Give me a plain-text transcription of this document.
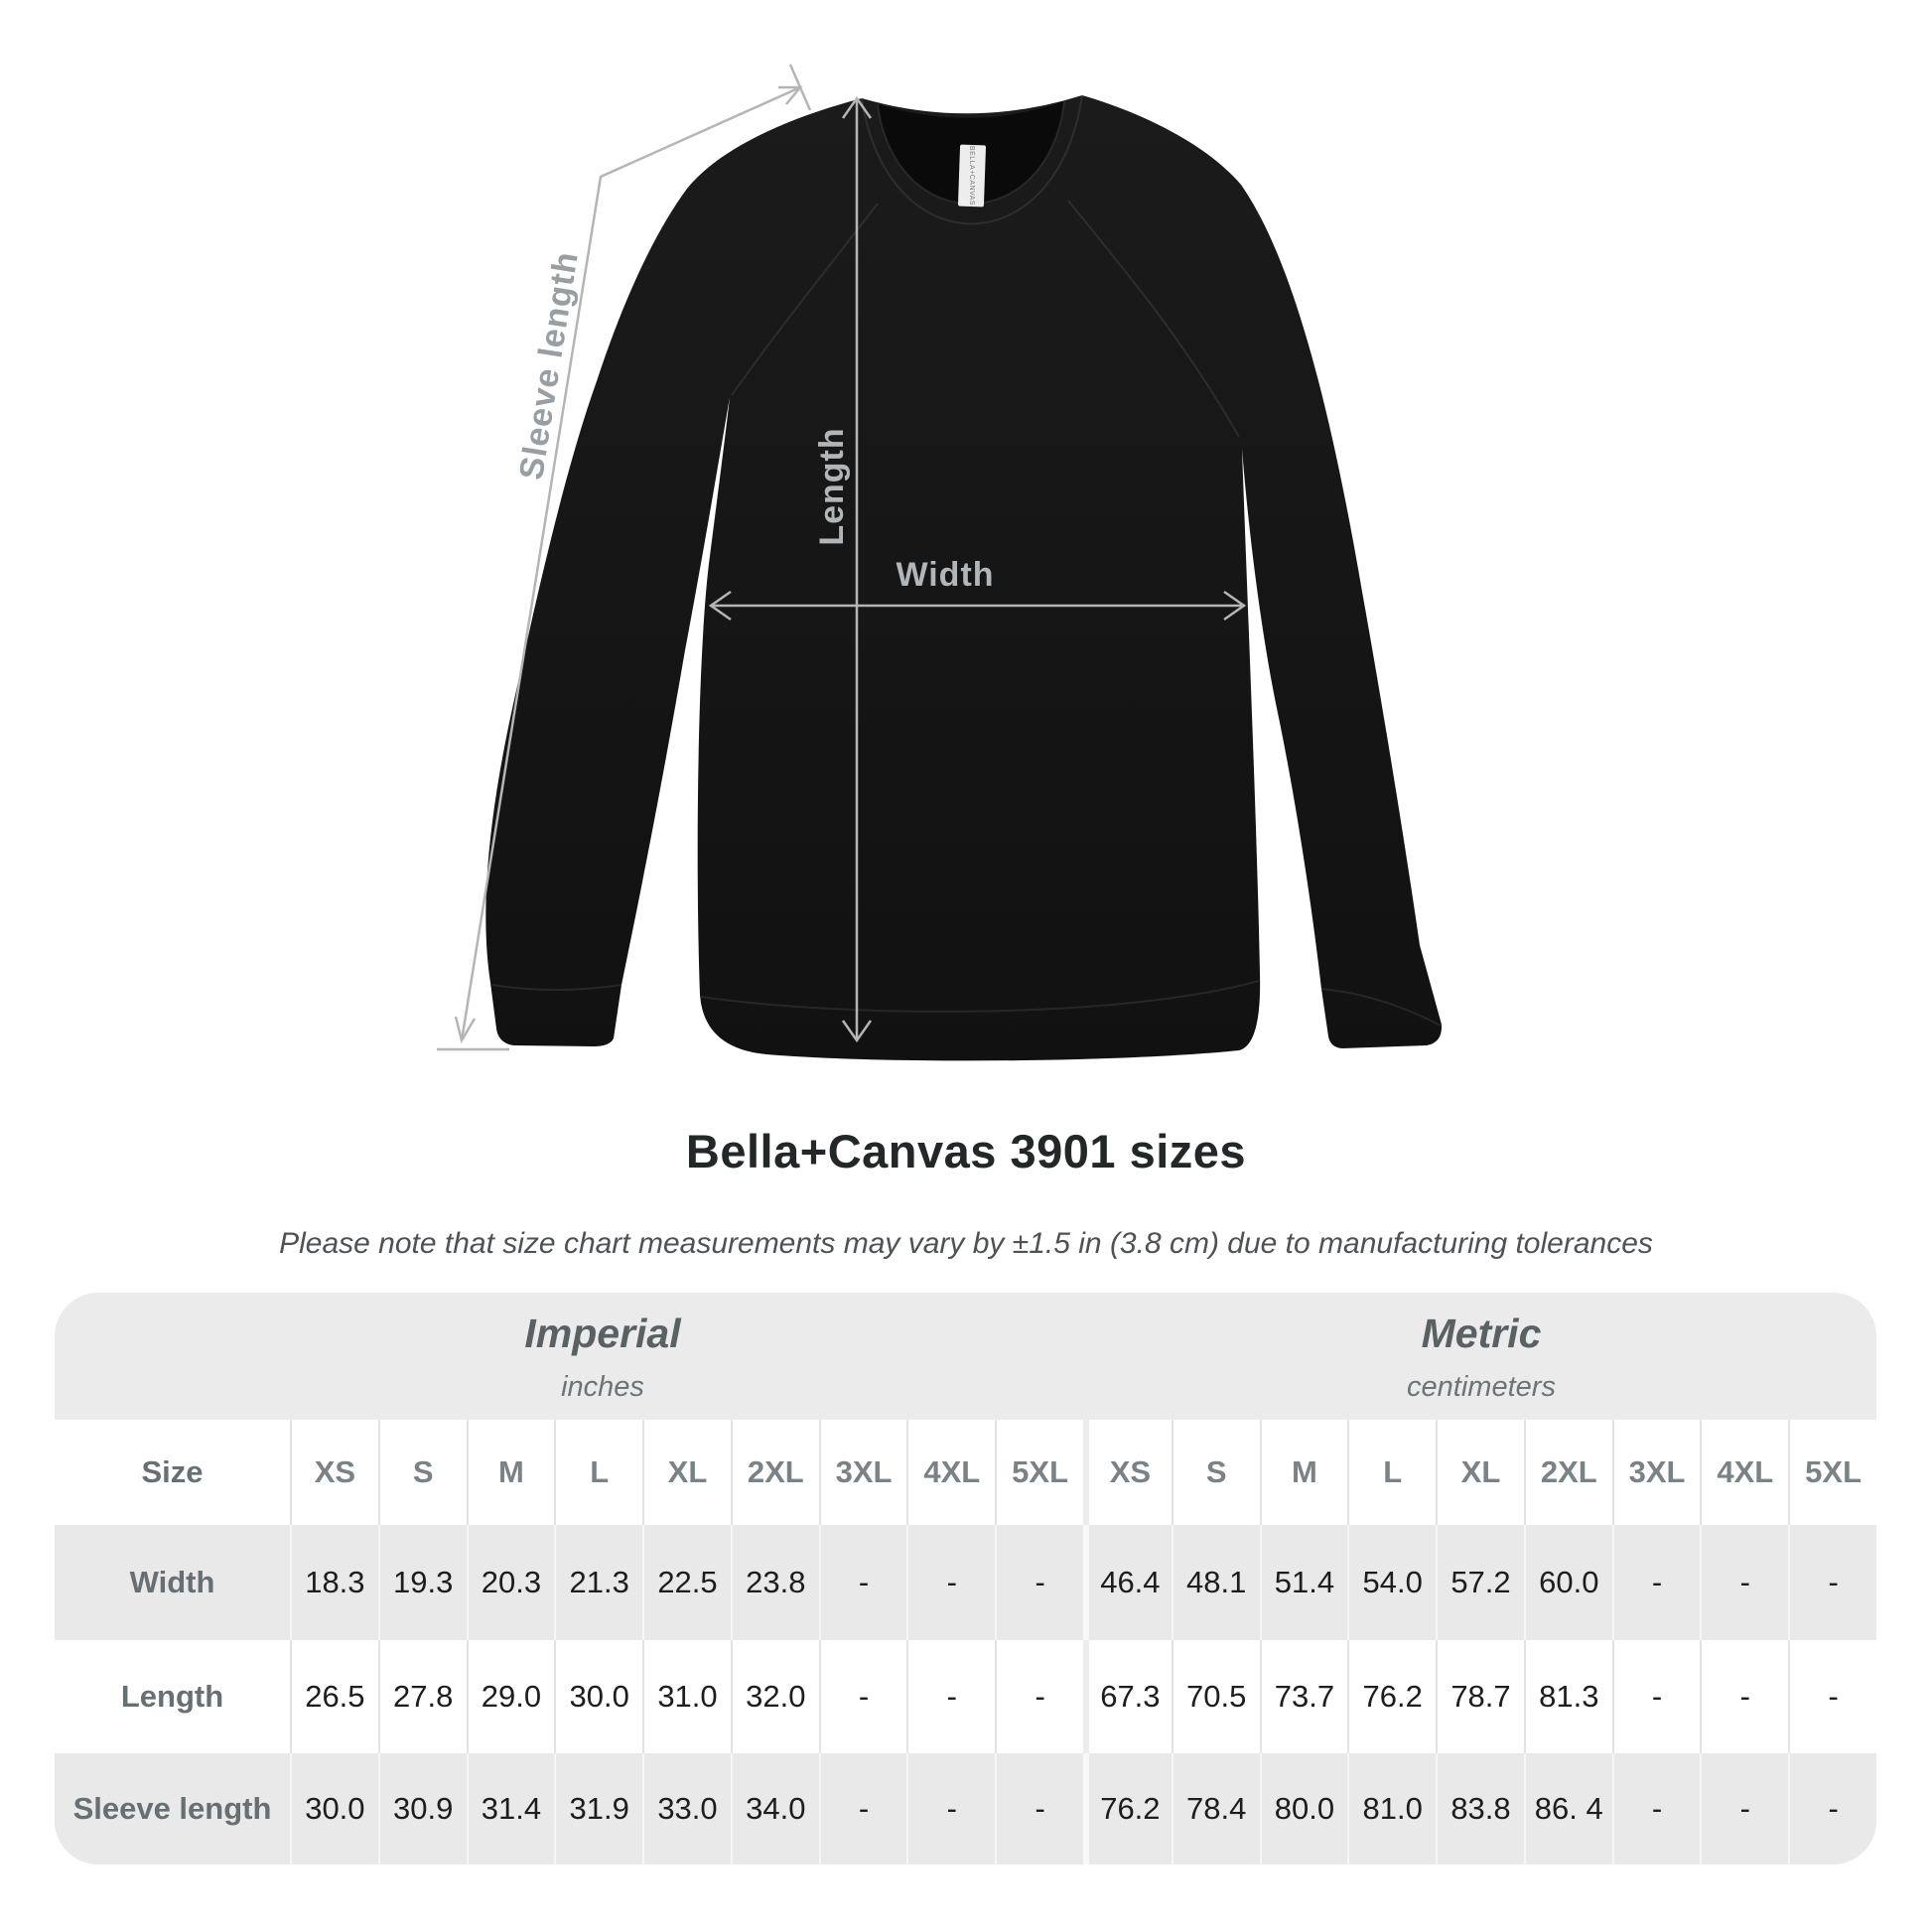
BELLA+CANVAS
Sleeve length
Length
Width
Bella+Canvas 3901 sizes
Please note that size chart measurements may vary by ±1.5 in (3.8 cm) due to manufacturing tolerances
Imperial
inches
Metric
centimeters
Size	XS	S	M	L	XL	2XL	3XL	4XL	5XL	XS	S	M	L	XL	2XL	3XL	4XL	5XL
Width	18.3 19.3 20.3 21.3 22.5 23.8	-	-	-	46.4 48.1 51.4 54.0 57.2 60.0	-	-	-
Length	26.5 27.8 29.0 30.0 31.0 32.0	-	-	-	67.3 70.5 73.7 76.2 78.7 81.3	-	-	-
Sleeve length	30.0 30.9 31.4 31.9 33.0 34.0	-	-	-	76.2 78.4 80.0 81.0 83.8 86. 4	-	-	-
